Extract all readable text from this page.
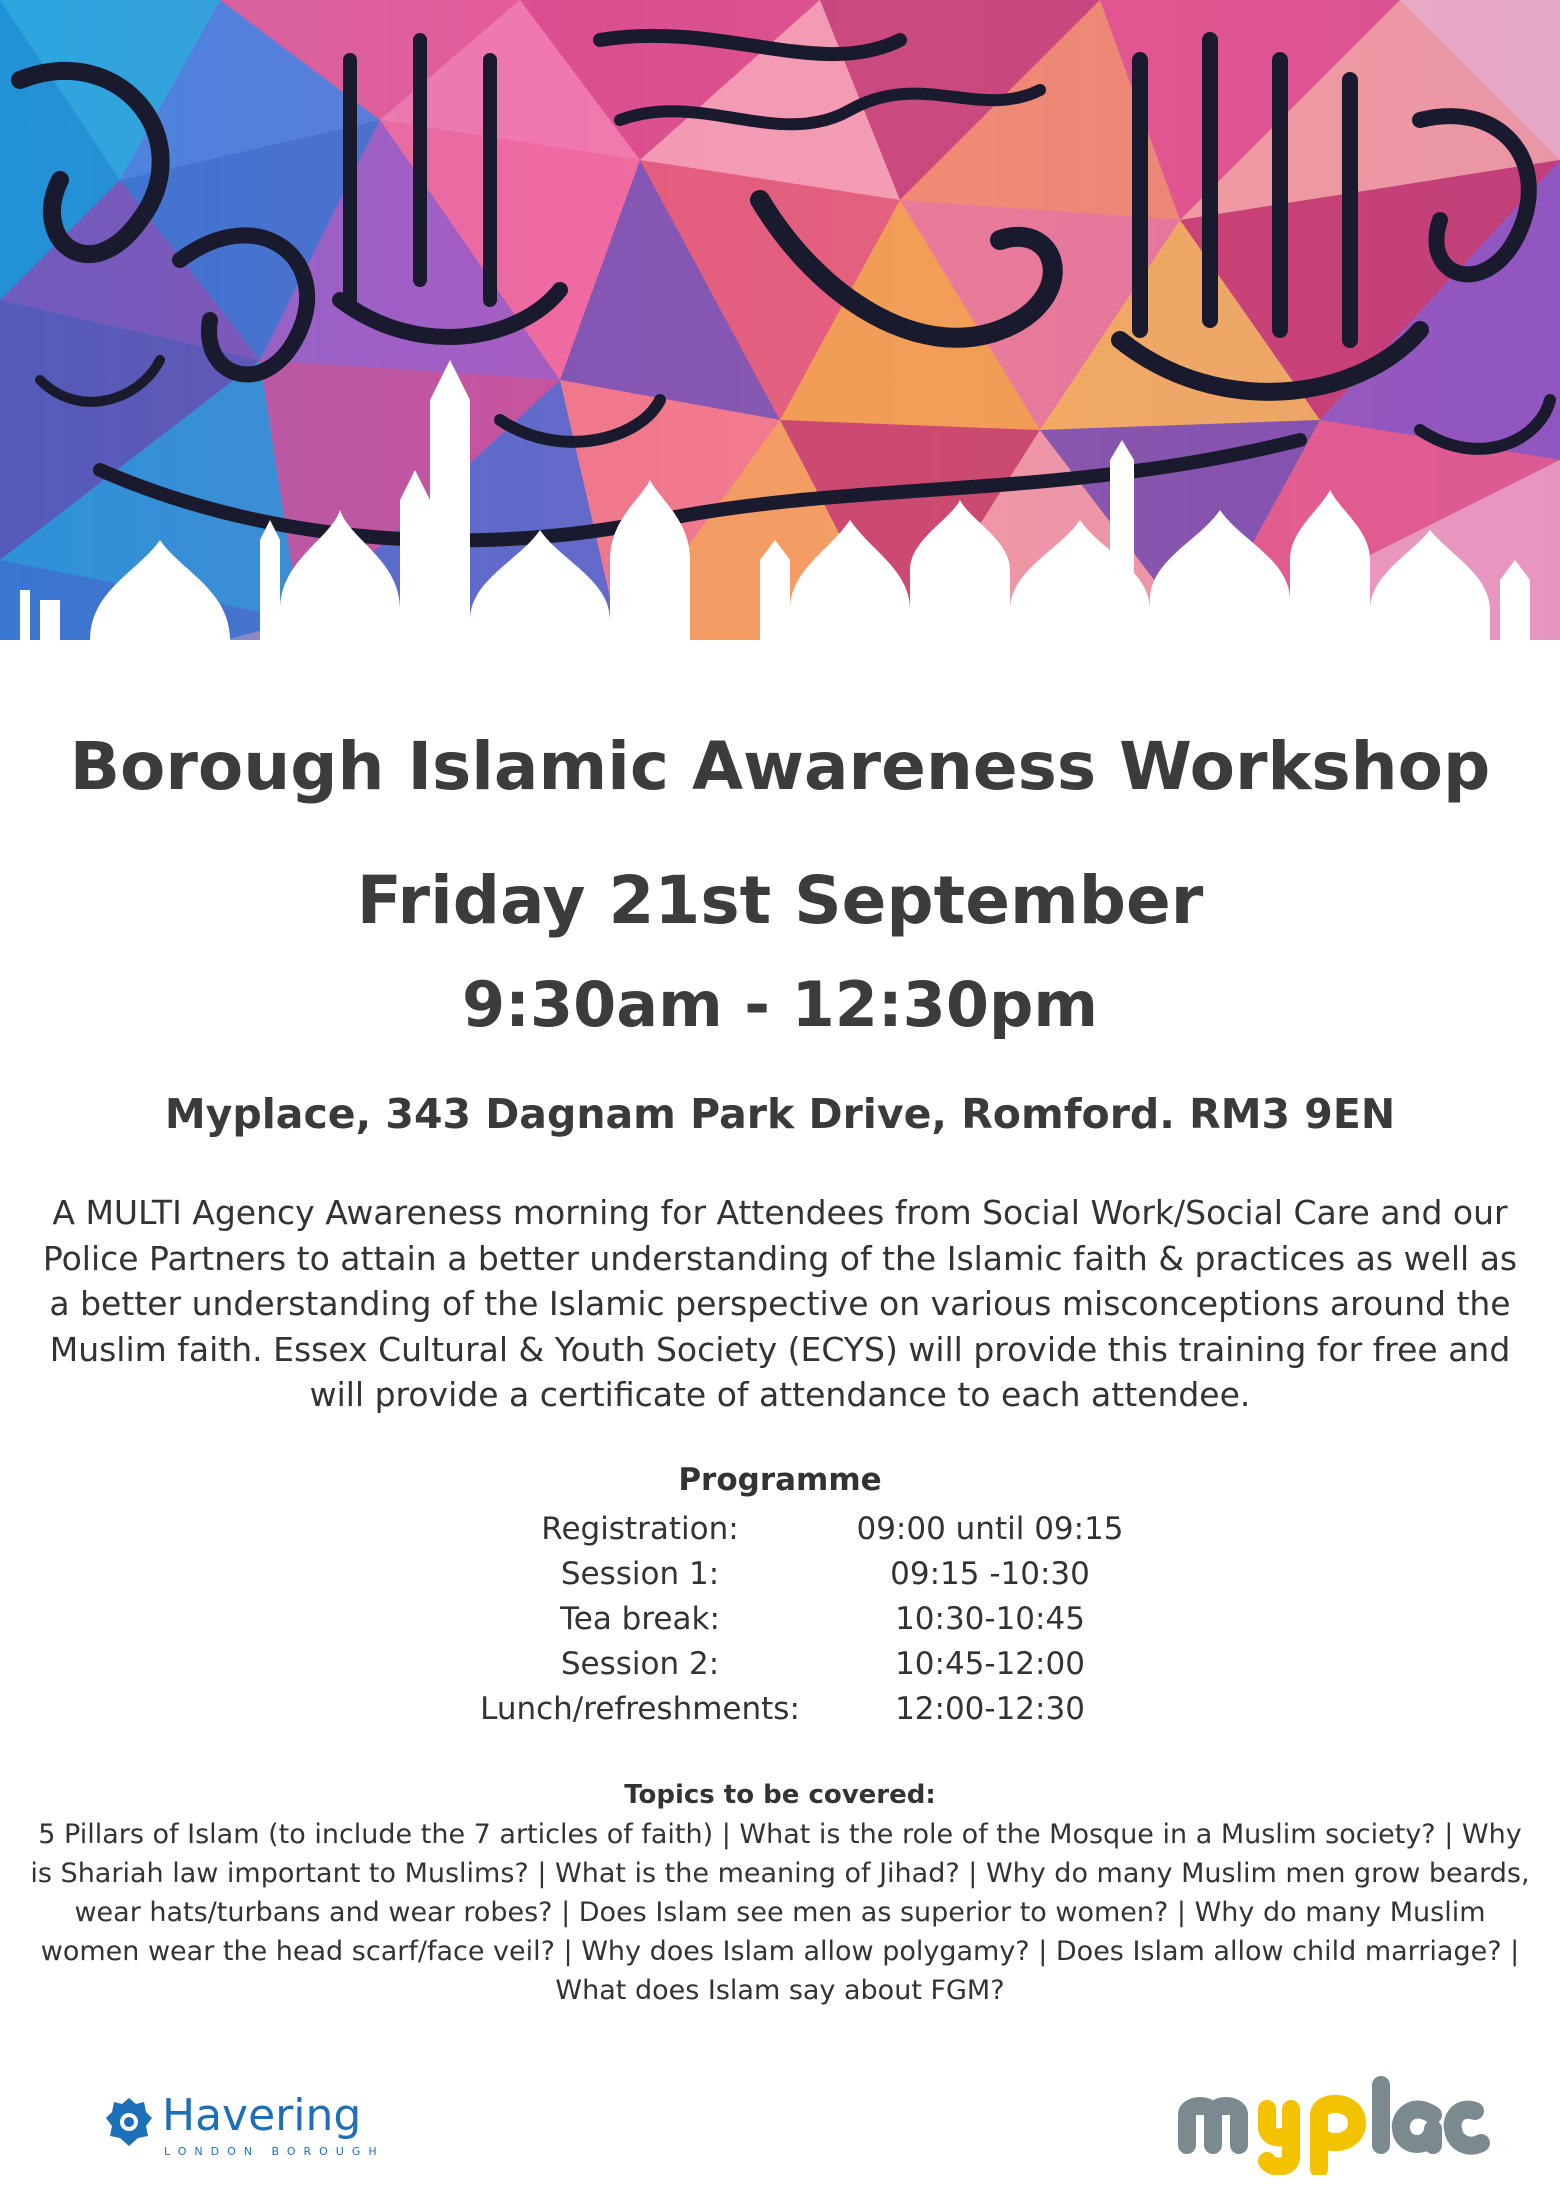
Borough Islamic Awareness Workshop
Friday 21st September
9:30am - 12:30pm
Myplace, 343 Dagnam Park Drive, Romford. RM3 9EN
A MULTI Agency Awareness morning for Attendees from Social Work/Social Care and our Police Partners to attain a better understanding of the Islamic faith & practices as well as a better understanding of the Islamic perspective on various misconceptions around the Muslim faith. Essex Cultural & Youth Society (ECYS) will provide this training for free and will provide a certificate of attendance to each attendee.
Programme
Registration:	09:00 until 09:15
Session 1:	09:15 -10:30
Tea break:	10:30-10:45
Session 2:	10:45-12:00
Lunch/refreshments:	12:00-12:30
Topics to be covered:
5 Pillars of Islam (to include the 7 articles of faith) | What is the role of the Mosque in a Muslim society? | Why is Shariah law important to Muslims? | What is the meaning of Jihad? | Why do many Muslim men grow beards, wear hats/turbans and wear robes? | Does Islam see men as superior to women? | Why do many Muslim women wear the head scarf/face veil? | Why does Islam allow polygamy? | Does Islam allow child marriage? | What does Islam say about FGM?
Havering
LONDON BOROUGH
